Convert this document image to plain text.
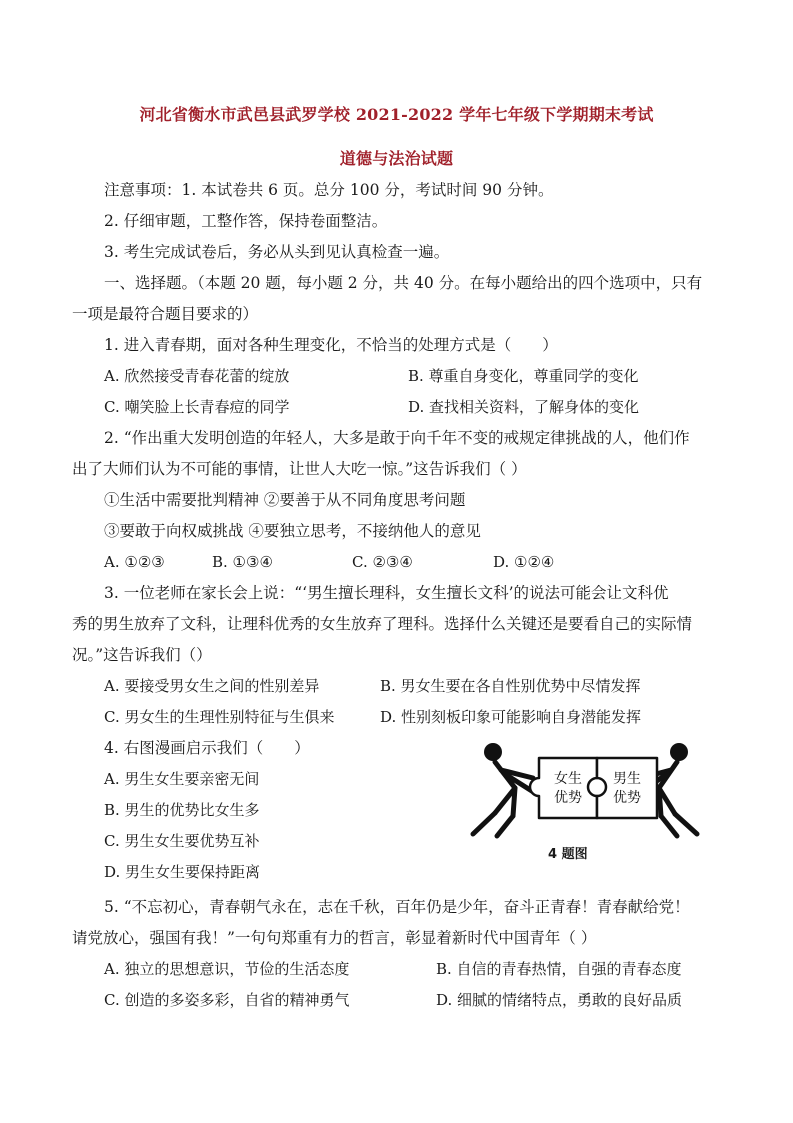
河北省衡水市武邑县武罗学校 2021-2022 学年七年级下学期期末考试
道德与法治试题
注意事项：1. 本试卷共 6 页。总分 100 分，考试时间 90 分钟。
2. 仔细审题，工整作答，保持卷面整洁。
3. 考生完成试卷后，务必从头到见认真检查一遍。
一、选择题。（本题 20 题，每小题 2 分，共 40 分。在每小题给出的四个选项中，只有
一项是最符合题目要求的）
1. 进入青春期，面对各种生理变化，不恰当的处理方式是（　　）
A. 欣然接受青春花蕾的绽放	B. 尊重自身变化，尊重同学的变化
C. 嘲笑脸上长青春痘的同学	D. 查找相关资料，了解身体的变化
2. “作出重大发明创造的年轻人，大多是敢于向千年不变的戒规定律挑战的人，他们作
出了大师们认为不可能的事情，让世人大吃一惊。”这告诉我们（ ）
①生活中需要批判精神 ②要善于从不同角度思考问题
③要敢于向权威挑战 ④要独立思考，不接纳他人的意见
A. ①②③	B. ①③④	C. ②③④	D. ①②④
3. 一位老师在家长会上说：“‘男生擅长理科，女生擅长文科’的说法可能会让文科优
秀的男生放弃了文科，让理科优秀的女生放弃了理科。选择什么关键还是要看自己的实际情
况。”这告诉我们（）
A. 要接受男女生之间的性别差异	B. 男女生要在各自性别优势中尽情发挥
C. 男女生的生理性别特征与生俱来	D. 性别刻板印象可能影响自身潜能发挥
4. 右图漫画启示我们（　　）
A. 男生女生要亲密无间
B. 男生的优势比女生多
C. 男生女生要优势互补
D. 男生女生要保持距离
女生
优势
男生
优势
4 题图
5. “不忘初心，青春朝气永在，志在千秋，百年仍是少年，奋斗正青春！青春献给党！
请党放心，强国有我！”一句句郑重有力的哲言，彰显着新时代中国青年（ ）
A. 独立的思想意识，节俭的生活态度	B. 自信的青春热情，自强的青春态度
C. 创造的多姿多彩，自省的精神勇气	D. 细腻的情绪特点，勇敢的良好品质
